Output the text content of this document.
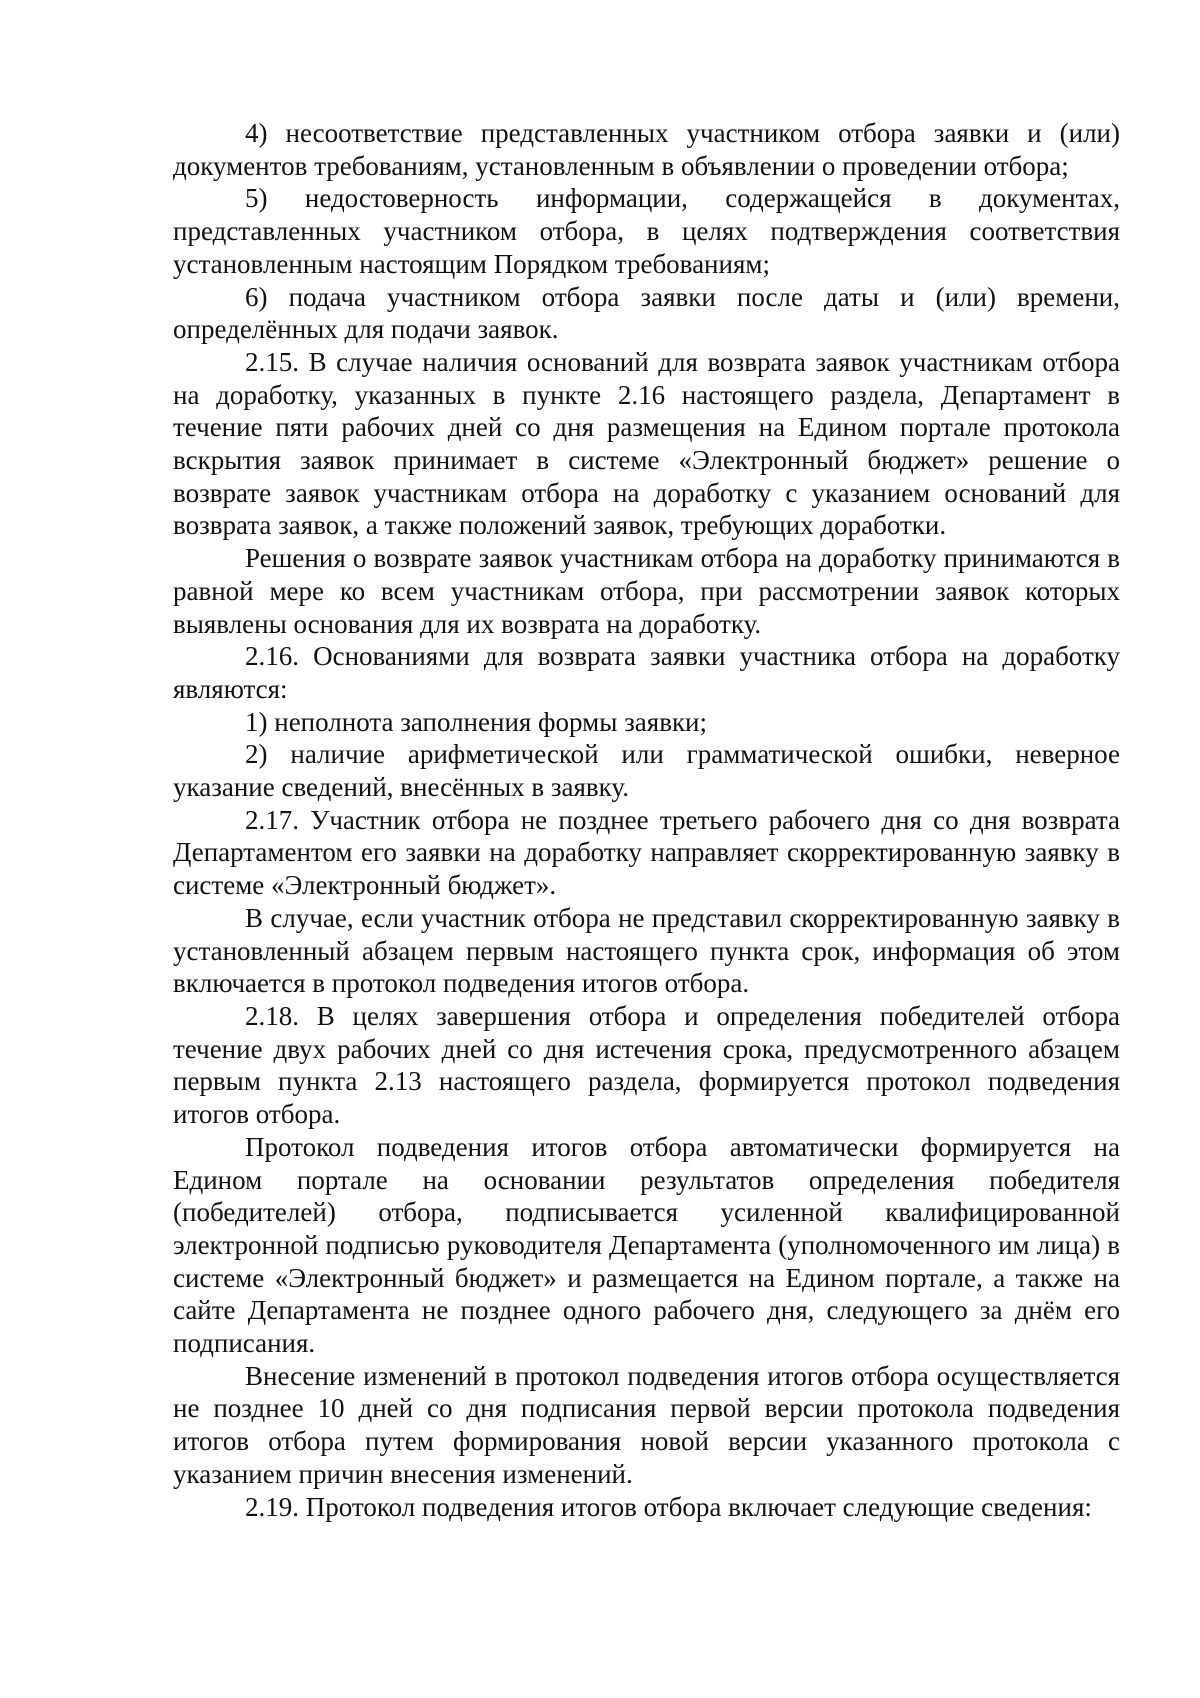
4) несоответствие представленных участником отбора заявки и (или) документов требованиям, установленным в объявлении о проведении отбора;

5) недостоверность информации, содержащейся в документах, представленных участником отбора, в целях подтверждения соответствия установленным настоящим Порядком требованиям;

6) подача участником отбора заявки после даты и (или) времени, определённых для подачи заявок.

2.15. В случае наличия оснований для возврата заявок участникам отбора на доработку, указанных в пункте 2.16 настоящего раздела, Департамент в течение пяти рабочих дней со дня размещения на Едином портале протокола вскрытия заявок принимает в системе «Электронный бюджет» решение о возврате заявок участникам отбора на доработку с указанием оснований для возврата заявок, а также положений заявок, требующих доработки.

Решения о возврате заявок участникам отбора на доработку принимаются в равной мере ко всем участникам отбора, при рассмотрении заявок которых выявлены основания для их возврата на доработку.

2.16. Основаниями для возврата заявки участника отбора на доработку являются:

1) неполнота заполнения формы заявки;

2) наличие арифметической или грамматической ошибки, неверное указание сведений, внесённых в заявку.

2.17. Участник отбора не позднее третьего рабочего дня со дня возврата Департаментом его заявки на доработку направляет скорректированную заявку в системе «Электронный бюджет».

В случае, если участник отбора не представил скорректированную заявку в установленный абзацем первым настоящего пункта срок, информация об этом включается в протокол подведения итогов отбора.

2.18. В целях завершения отбора и определения победителей отбора течение двух рабочих дней со дня истечения срока, предусмотренного абзацем первым пункта 2.13 настоящего раздела, формируется протокол подведения итогов отбора.

Протокол подведения итогов отбора автоматически формируется на Едином портале на основании результатов определения победителя (победителей) отбора, подписывается усиленной квалифицированной электронной подписью руководителя Департамента (уполномоченного им лица) в системе «Электронный бюджет» и размещается на Едином портале, а также на сайте Департамента не позднее одного рабочего дня, следующего за днём его подписания.

Внесение изменений в протокол подведения итогов отбора осуществляется не позднее 10 дней со дня подписания первой версии протокола подведения итогов отбора путем формирования новой версии указанного протокола с указанием причин внесения изменений.

2.19. Протокол подведения итогов отбора включает следующие сведения:
